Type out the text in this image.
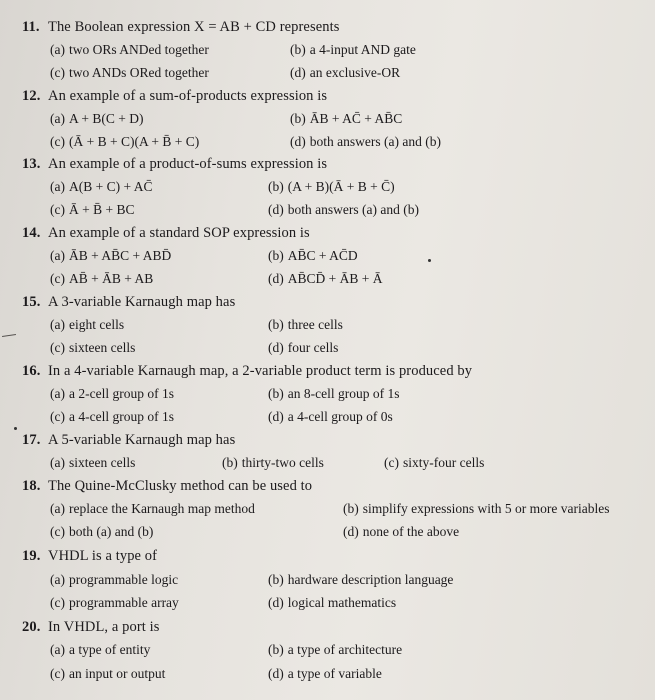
11. The Boolean expression X = AB + CD represents
(a) two ORs ANDed together	(b) a 4-input AND gate
(c) two ANDs ORed together	(d) an exclusive-OR
12. An example of a sum-of-products expression is
(a) A + B(C + D)	(b) ĀB + AC̄ + AB̄C
(c) (Ā + B + C)(A + B̄ + C)	(d) both answers (a) and (b)
13. An example of a product-of-sums expression is
(a) A(B + C) + AC̄	(b) (A + B)(Ā + B + C̄)
(c) Ā + B̄ + BC	(d) both answers (a) and (b)
14. An example of a standard SOP expression is
(a) ĀB + AB̄C + ABD̄	(b) AB̄C + AC̄D
(c) AB̄ + ĀB + AB	(d) AB̄CD̄ + ĀB + Ā
15. A 3-variable Karnaugh map has
(a) eight cells	(b) three cells
(c) sixteen cells	(d) four cells
16. In a 4-variable Karnaugh map, a 2-variable product term is produced by
(a) a 2-cell group of 1s	(b) an 8-cell group of 1s
(c) a 4-cell group of 1s	(d) a 4-cell group of 0s
17. A 5-variable Karnaugh map has
(a) sixteen cells	(b) thirty-two cells	(c) sixty-four cells
18. The Quine-McClusky method can be used to
(a) replace the Karnaugh map method	(b) simplify expressions with 5 or more variables
(c) both (a) and (b)	(d) none of the above
19. VHDL is a type of
(a) programmable logic	(b) hardware description language
(c) programmable array	(d) logical mathematics
20. In VHDL, a port is
(a) a type of entity	(b) a type of architecture
(c) an input or output	(d) a type of variable
